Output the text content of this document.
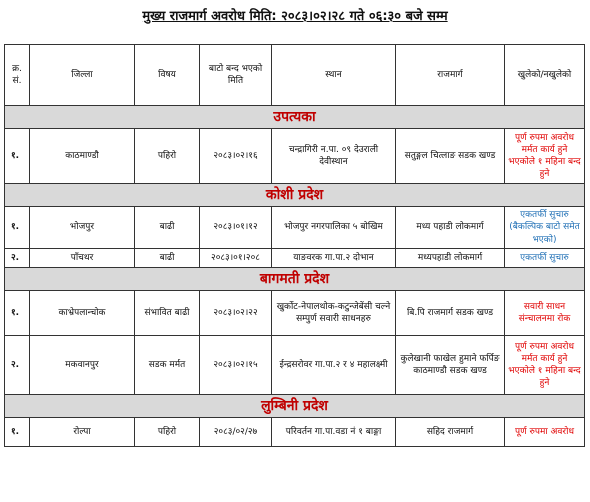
मुख्य राजमार्ग अवरोध मिति: २०८३।०२।२८ गते ०६:३० बजे सम्म
क्र. सं.	जिल्ला	विषय	बाटो बन्द भएको मिति	स्थान	राजमार्ग	खुलेको/नखुलेको
उपत्यका						
१.	काठमाण्डौ	पहिरो	२०८३।०२।१६	चन्द्रागिरी न.पा. ०९ देउराली देवीस्थान	सतुङ्गल चित्लाङ सडक खण्ड	पूर्ण रुपमा अवरोध मर्मत कार्य हुने भएकोले १ महिना बन्द हुने
कोशी प्रदेश						
१.	भोजपुर	बाढी	२०८३।०१।१२	भोजपुर नगरपालिका ५ बोखिम	मध्य पहाडी लोकमार्ग	एकतर्फी सुचारु (बैकल्पिक बाटो समेत भएको)
२.	पाँचथर	बाढी	२०८३।०१।२०८	याङवरक गा.पा.२ दोभान	मध्यपहाडी लोकमार्ग	एकतर्फी सुचारु
बागमती प्रदेश						
१.	काभ्रेपलान्चोक	संभावित बाढी	२०८३।०२।२२	खुर्कोट-नेपालथोक-कटुन्जेबेंसी चल्ने सम्पुर्ण सवारी साधनहरु	बि.पि राजमार्ग सडक खण्ड	सवारी साधन संन्चालनमा रोक
२.	मकवानपुर	सडक मर्मत	२०८३।०२।१५	ईन्द्रसरोवर गा.पा.२ र ४ महालक्ष्मी	कुलेखानी फाखेल हुमाने फर्पिङ काठमाण्डौ सडक खण्ड	पूर्ण रुपमा अवरोध मर्मत कार्य हुने भएकोले १ महिना बन्द हुने
लुम्बिनी प्रदेश						
१.	रोल्पा	पहिरो	२०८३/०२/२७	परिवर्तन गा.पा.वडा नं १ बाङ्गा	सहिद राजमार्ग	पूर्ण रुपमा अवरोध
